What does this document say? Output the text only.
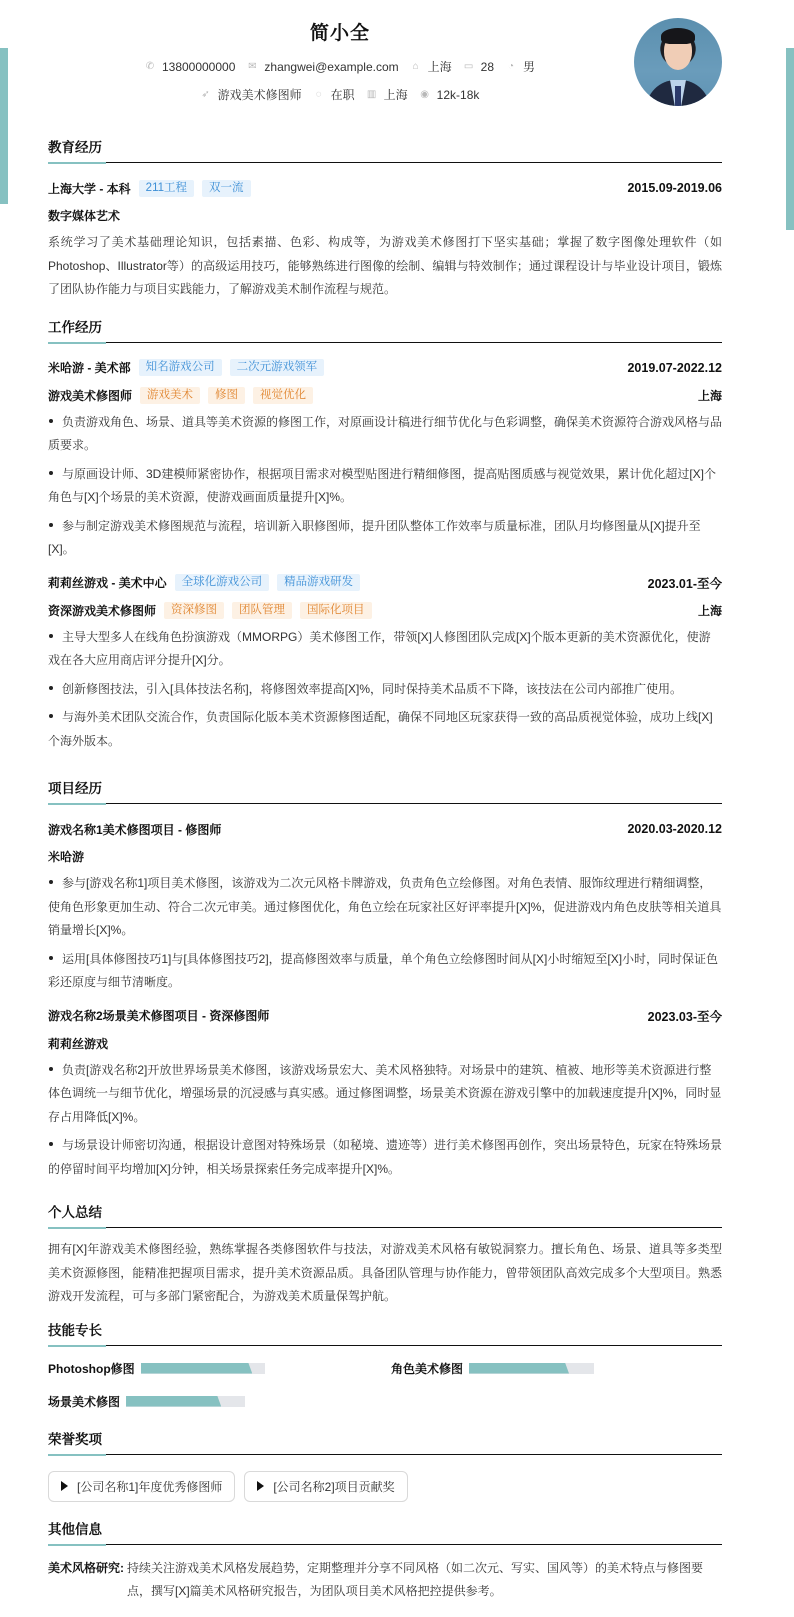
简小全
✆ 13800000000 ✉ zhangwei@example.com ⌂ 上海 ▭ 28 ◔ 男
➶ 游戏美术修图师 ◌ 在职 ▥ 上海 ◉ 12k-18k
教育经历
上海大学 - 本科	211工程	双一流	2015.09-2019.06
数字媒体艺术
系统学习了美术基础理论知识，包括素描、色彩、构成等，为游戏美术修图打下坚实基础；掌握了数字图像处理软件（如Photoshop、Illustrator等）的高级运用技巧，能够熟练进行图像的绘制、编辑与特效制作；通过课程设计与毕业设计项目，锻炼了团队协作能力与项目实践能力，了解游戏美术制作流程与规范。
工作经历
米哈游 - 美术部	知名游戏公司	二次元游戏领军	2019.07-2022.12
游戏美术修图师	游戏美术	修图	视觉优化	上海
负责游戏角色、场景、道具等美术资源的修图工作，对原画设计稿进行细节优化与色彩调整，确保美术资源符合游戏风格与品质要求。
与原画设计师、3D建模师紧密协作，根据项目需求对模型贴图进行精细修图，提高贴图质感与视觉效果，累计优化超过[X]个角色与[X]个场景的美术资源，使游戏画面质量提升[X]%。
参与制定游戏美术修图规范与流程，培训新入职修图师，提升团队整体工作效率与质量标准，团队月均修图量从[X]提升至[X]。
莉莉丝游戏 - 美术中心	全球化游戏公司	精品游戏研发	2023.01-至今
资深游戏美术修图师	资深修图	团队管理	国际化项目	上海
主导大型多人在线角色扮演游戏（MMORPG）美术修图工作，带领[X]人修图团队完成[X]个版本更新的美术资源优化，使游戏在各大应用商店评分提升[X]分。
创新修图技法，引入[具体技法名称]，将修图效率提高[X]%，同时保持美术品质不下降，该技法在公司内部推广使用。
与海外美术团队交流合作，负责国际化版本美术资源修图适配，确保不同地区玩家获得一致的高品质视觉体验，成功上线[X]个海外版本。
项目经历
游戏名称1美术修图项目 - 修图师	2020.03-2020.12
米哈游
参与[游戏名称1]项目美术修图，该游戏为二次元风格卡牌游戏，负责角色立绘修图。对角色表情、服饰纹理进行精细调整，使角色形象更加生动、符合二次元审美。通过修图优化，角色立绘在玩家社区好评率提升[X]%，促进游戏内角色皮肤等相关道具销量增长[X]%。
运用[具体修图技巧1]与[具体修图技巧2]，提高修图效率与质量，单个角色立绘修图时间从[X]小时缩短至[X]小时，同时保证色彩还原度与细节清晰度。
游戏名称2场景美术修图项目 - 资深修图师	2023.03-至今
莉莉丝游戏
负责[游戏名称2]开放世界场景美术修图，该游戏场景宏大、美术风格独特。对场景中的建筑、植被、地形等美术资源进行整体色调统一与细节优化，增强场景的沉浸感与真实感。通过修图调整，场景美术资源在游戏引擎中的加载速度提升[X]%，同时显存占用降低[X]%。
与场景设计师密切沟通，根据设计意图对特殊场景（如秘境、遗迹等）进行美术修图再创作，突出场景特色，玩家在特殊场景的停留时间平均增加[X]分钟，相关场景探索任务完成率提升[X]%。
个人总结
拥有[X]年游戏美术修图经验，熟练掌握各类修图软件与技法，对游戏美术风格有敏锐洞察力。擅长角色、场景、道具等多类型美术资源修图，能精准把握项目需求，提升美术资源品质。具备团队管理与协作能力，曾带领团队高效完成多个大型项目。熟悉游戏开发流程，可与多部门紧密配合，为游戏美术质量保驾护航。
技能专长
Photoshop修图	角色美术修图
场景美术修图
荣誉奖项
[公司名称1]年度优秀修图师	[公司名称2]项目贡献奖
其他信息
美术风格研究: 持续关注游戏美术风格发展趋势，定期整理并分享不同风格（如二次元、写实、国风等）的美术特点与修图要点，撰写[X]篇美术风格研究报告，为团队项目美术风格把控提供参考。
